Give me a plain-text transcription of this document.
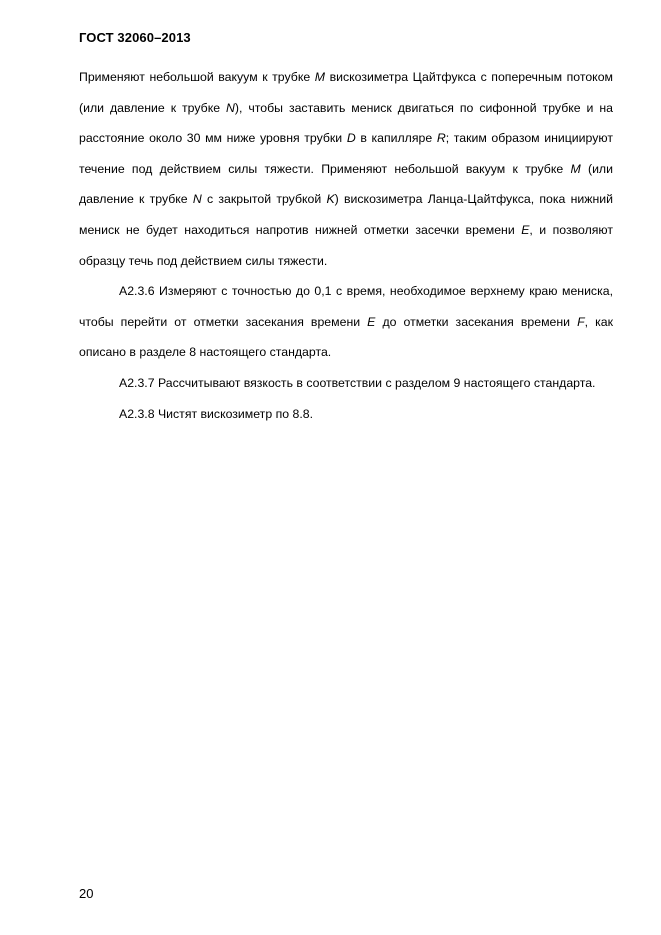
ГОСТ 32060–2013

Применяют небольшой вакуум к трубке M вискозиметра Цайтфукса с поперечным потоком (или давление к трубке N), чтобы заставить мениск двигаться по сифонной трубке и на расстояние около 30 мм ниже уровня трубки D в капилляре R; таким образом инициируют течение под действием силы тяжести. Применяют небольшой вакуум к трубке M (или давление к трубке N с закрытой трубкой K) вискозиметра Ланца-Цайтфукса, пока нижний мениск не будет находиться напротив нижней отметки засечки времени E, и позволяют образцу течь под действием силы тяжести.

А2.3.6 Измеряют с точностью до 0,1 с время, необходимое верхнему краю мениска, чтобы перейти от отметки засекания времени E до отметки засекания времени F, как описано в разделе 8 настоящего стандарта.

А2.3.7 Рассчитывают вязкость в соответствии с разделом 9 настоящего стандарта.

А2.3.8 Чистят вискозиметр по 8.8.

20
